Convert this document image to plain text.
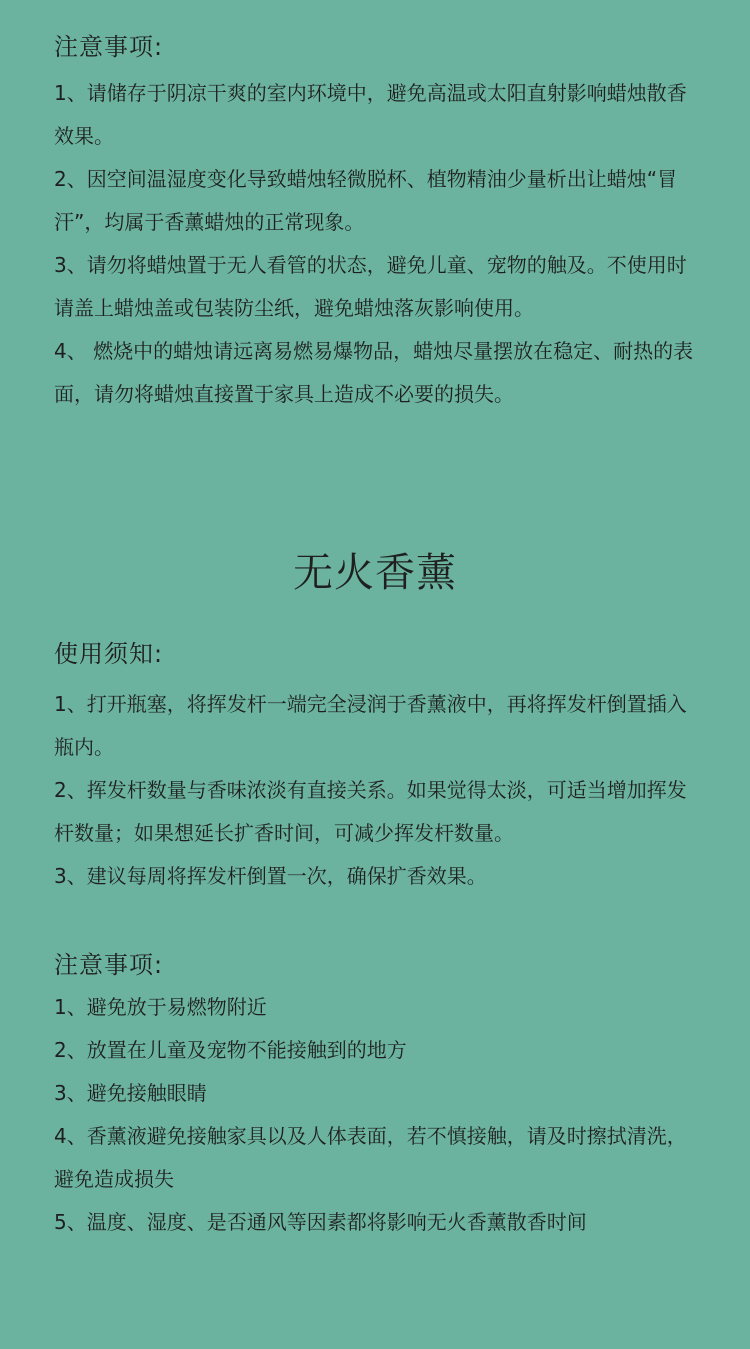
注意事项:

1、请储存于阴凉干爽的室内环境中，避免高温或太阳直射影响蜡烛散香效果。

2、因空间温湿度变化导致蜡烛轻微脱杯、植物精油少量析出让蜡烛“冒汗”，均属于香薰蜡烛的正常现象。

3、请勿将蜡烛置于无人看管的状态，避免儿童、宠物的触及。不使用时请盖上蜡烛盖或包装防尘纸，避免蜡烛落灰影响使用。

4、 燃烧中的蜡烛请远离易燃易爆物品，蜡烛尽量摆放在稳定、耐热的表面，请勿将蜡烛直接置于家具上造成不必要的损失。

无火香薰
使用须知:

1、打开瓶塞，将挥发杆一端完全浸润于香薰液中，再将挥发杆倒置插入瓶内。

2、挥发杆数量与香味浓淡有直接关系。如果觉得太淡，可适当增加挥发杆数量；如果想延长扩香时间，可减少挥发杆数量。

3、建议每周将挥发杆倒置一次，确保扩香效果。

注意事项:

1、避免放于易燃物附近

2、放置在儿童及宠物不能接触到的地方

3、避免接触眼睛

4、香薰液避免接触家具以及人体表面，若不慎接触，请及时擦拭清洗，避免造成损失

5、温度、湿度、是否通风等因素都将影响无火香薰散香时间
